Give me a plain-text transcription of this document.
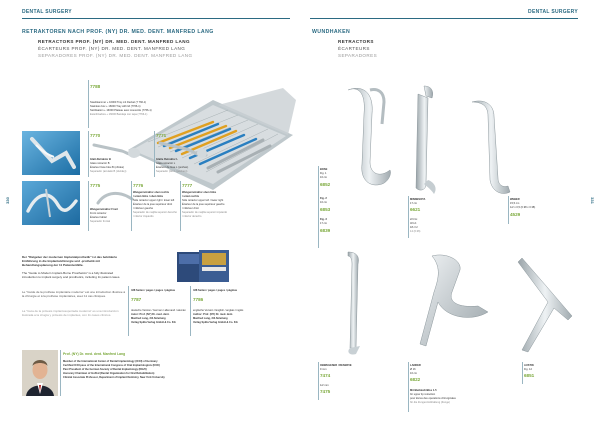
DENTAL SURGERY	DENTAL SURGERY
330	331
RETRAKTOREN NACH PROF. (NY) DR. MED. DENT. MANFRED LANG
RETRACTORS PROF. (NY) DR. MED. DENT. MANFRED LANG
ÉCARTEURS PROF. (NY) DR. MED. DENT. MANFRED LANG
SEPARADORES PROF. (NY) DR. MED. DENT. MANFRED LANG
7788
Staubkammer + 16000 Tray mit Deckel (7 766-1)
Stainless box + 16000 Tray with lid (7766-1)
Stérilisation + 16000 Plateau avec couvercle (7766-1)
Esterilizadora + 16000 Bandeja con tapa (7766-1)
7770
Glatt-Retraktor B
Glass retractor B
Écarteur lisse bleu B (ob/oke)
Separador (azulado B (ob/oke))
7771
Glatte Retraktor L
Glass retractor L
Écarteur de lisse L (poches)
Separador (liso L (poches))
7775
Wangenretraktor Front
Front retractor
Écarteur labial
Separador frontal
7776
Wangenretraktor oben rechts
/ unten links / oben links
Side retractor upper right / lower left
Écarteur de la joue supérieur droit
/ inférieur gauche
Separador de mejilla superior derecho
/ inferior izquierdo
7777
Wangenretraktor oben links
/ unten rechts
Side retractor upper left / lower right
Écarteur de la joue supérieur gauche
/ inférieur droit
Separador de mejilla superior izquierdo
/ inferior derecho
Der "Ratgeber der modernen Implantatprothetik" ist das bebilderte Einführung in die Implantatchirurgie und -prothetik mit Behandlungsplanung der 11 Patientenfälle.
The "Guide to Modern Implant-Borne Prosthetics" is a fully illustrated introduction to implant surgery and prosthetics, including 11 patient cases.
Le "Guide de la prothèse implantaire moderne" est une introduction illustrée à la chirurgie et à la prothèse implantaires, avec 11 cas cliniques.
La "Guía de la prótesis implantosoportada moderna" es una introducción ilustrada a la cirugía y prótesis de implantes, con 11 casos clínicos.
428 Seiten / pages / pages / páginas
7787
deutsche Version / German / allemand / alemán
Autor: Prof. (NY) Dr. med. dent.
Manfred Lang, 2/3 Ableitung
Verlag Spitta Verlag GmbH & Co. KG
428 Seiten / pages / pages / páginas
7786
englische Version / English / anglais / inglés
Author: Prof. (NY) Dr. med. dent.
Manfred Lang, 2/3 Ableitung
Verlag Spitta Verlag GmbH & Co. KG
Prof. (NY) Dr. med. dent. Manfred Lang
Member of the International Center of Dental Implantology (ICOI) of Germany
Certified ICOI pass of the International Congress of Oral Implantologists (ICOI)
Past President of the German Society of Dental Implantology (DGZI)
Honorary Chairman of GoPed (Dental Organization for Oral Rehabilitation)
Clinical Associate Professor, Department of Implant Dentistry, New York University
WUNDHAKEN
RETRACTORS
ÉCARTEURS
SEPARADORES
BOSE
Fig. 1
16 cm
6852
Fig. 2
16 cm
6853
Fig. 3
17 cm
6839
MINNESOTA
17 cm
6621
2/4 Gr.
3/4 cl.
18 cl 2
14 (0.36)
WEBER
15,5 cm
1/2 x 0,5 (0.98 x 0.38)
4529
OBWEGESER / RESERVE
9 mm
7474
1/2 mm
7475
LANDER
Ø 16
16 cm
6822
Mit Bleiblech/Biss 1.5
for upper lip retraction
pour lèvres des operations chirurgicales
für die Zungenrückhaltung (Zunge)
AUSTIN
Fig. 12
6851
